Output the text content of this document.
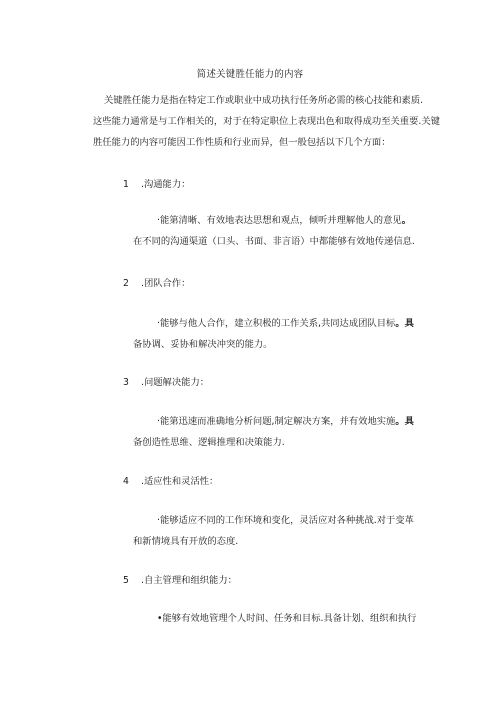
简述关键胜任能力的内容
关键胜任能力是指在特定工作或职业中成功执行任务所必需的核心技能和素质.
这些能力通常是与工作相关的，对于在特定职位上表现出色和取得成功至关重要.关键
胜任能力的内容可能因工作性质和行业而异，但一般包括以下几个方面：
1 .沟通能力：
·能第清晰、有效地表达思想和观点，倾听并理解他人的意见。
在不同的沟通渠道（口头、书面、非言语）中都能够有效地传递信息.
2 .团队合作：
·能够与他人合作，建立积极的工作关系,共同达成团队目标。具
备协调、妥协和解决冲突的能力。
3 .问题解决能力：
·能第迅速而准确地分析问题,制定解决方案，并有效地实施。具
备创造性思维、逻辑推理和决策能力.
4 .适应性和灵活性：
·能够适应不同的工作环境和变化，灵活应对各种挑战.对于变革
和新情境具有开放的态度.
5 .自主管理和组织能力：
•能够有效地管理个人时间、任务和目标.具备计划、组织和执行
